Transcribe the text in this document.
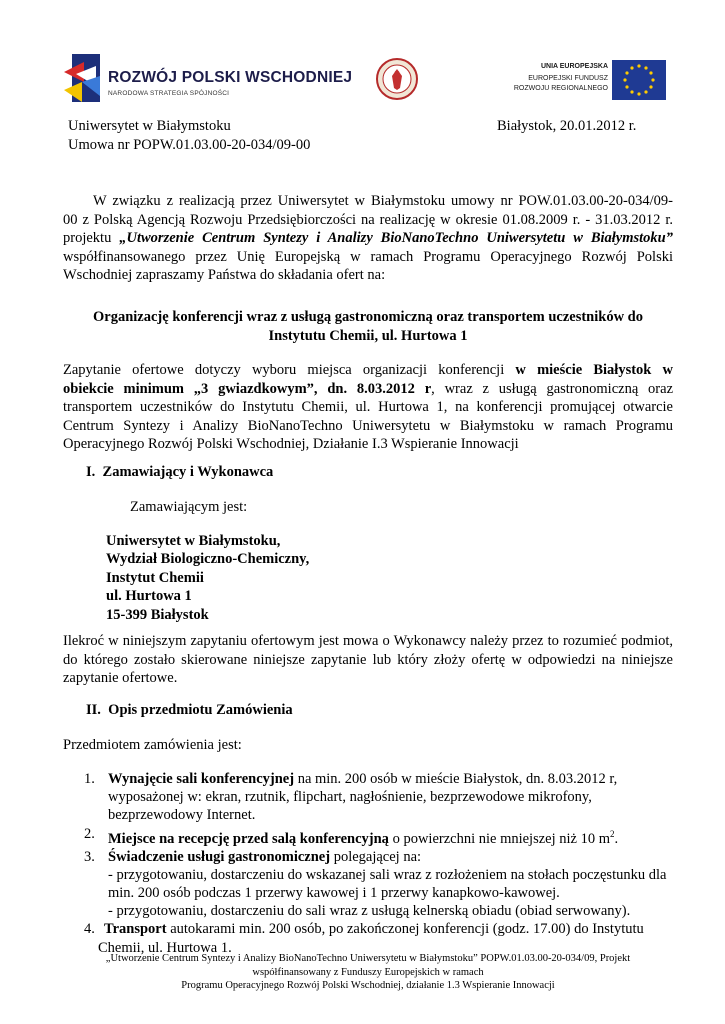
ROZWÓJ POLSKI WSCHODNIEJ
NARODOWA STRATEGIA SPÓJNOŚCI
UNIA EUROPEJSKA
EUROPEJSKI FUNDUSZ
ROZWOJU REGIONALNEGO
Uniwersytet w Białymstoku
Umowa nr POPW.01.03.00-20-034/09-00
Białystok, 20.01.2012 r.
W związku z realizacją przez Uniwersytet w Białymstoku umowy nr POW.01.03.00-20-034/09-
00 z Polską Agencją Rozwoju Przedsiębiorczości na realizację w okresie 01.08.2009 r. - 31.03.2012 r.
projektu „Utworzenie Centrum Syntezy i Analizy BioNanoTechno Uniwersytetu w Białymstoku”
współfinansowanego przez Unię Europejską w ramach Programu Operacyjnego Rozwój Polski
Wschodniej zapraszamy Państwa do składania ofert na:
Organizację konferencji wraz z usługą gastronomiczną oraz transportem uczestników do
Instytutu Chemii, ul. Hurtowa 1
Zapytanie ofertowe dotyczy wyboru miejsca organizacji konferencji w mieście Białystok w
obiekcie minimum „3 gwiazdkowym”, dn. 8.03.2012 r, wraz z usługą gastronomiczną oraz
transportem uczestników do Instytutu Chemii, ul. Hurtowa 1, na konferencji promującej otwarcie
Centrum Syntezy i Analizy BioNanoTechno Uniwersytetu w Białymstoku w ramach Programu
Operacyjnego Rozwój Polski Wschodniej, Działanie I.3 Wspieranie Innowacji
I. Zamawiający i Wykonawca
Zamawiającym jest:
Uniwersytet w Białymstoku,
Wydział Biologiczno-Chemiczny,
Instytut Chemii
ul. Hurtowa 1
15-399 Białystok
Ilekroć w niniejszym zapytaniu ofertowym jest mowa o Wykonawcy należy przez to rozumieć podmiot,
do którego zostało skierowane niniejsze zapytanie lub który złoży ofertę w odpowiedzi na niniejsze
zapytanie ofertowe.
II. Opis przedmiotu Zamówienia
Przedmiotem zamówienia jest:
1. Wynajęcie sali konferencyjnej na min. 200 osób w mieście Białystok, dn. 8.03.2012 r,
wyposażonej w: ekran, rzutnik, flipchart, nagłośnienie, bezprzewodowe mikrofony,
bezprzewodowy Internet.
2. Miejsce na recepcję przed salą konferencyjną o powierzchni nie mniejszej niż 10 $m^2$.
3. Świadczenie usługi gastronomicznej polegającej na:
- przygotowaniu, dostarczeniu do wskazanej sali wraz z rozłożeniem na stołach poczęstunku dla
min. 200 osób podczas 1 przerwy kawowej i 1 przerwy kanapkowo-kawowej.
- przygotowaniu, dostarczeniu do sali wraz z usługą kelnerską obiadu (obiad serwowany).
4. Transport autokarami min. 200 osób, po zakończonej konferencji (godz. 17.00) do Instytutu
Chemii, ul. Hurtowa 1.
„Utworzenie Centrum Syntezy i Analizy BioNanoTechno Uniwersytetu w Białymstoku” POPW.01.03.00-20-034/09, Projekt
współfinansowany z Funduszy Europejskich w ramach
Programu Operacyjnego Rozwój Polski Wschodniej, działanie 1.3 Wspieranie Innowacji
